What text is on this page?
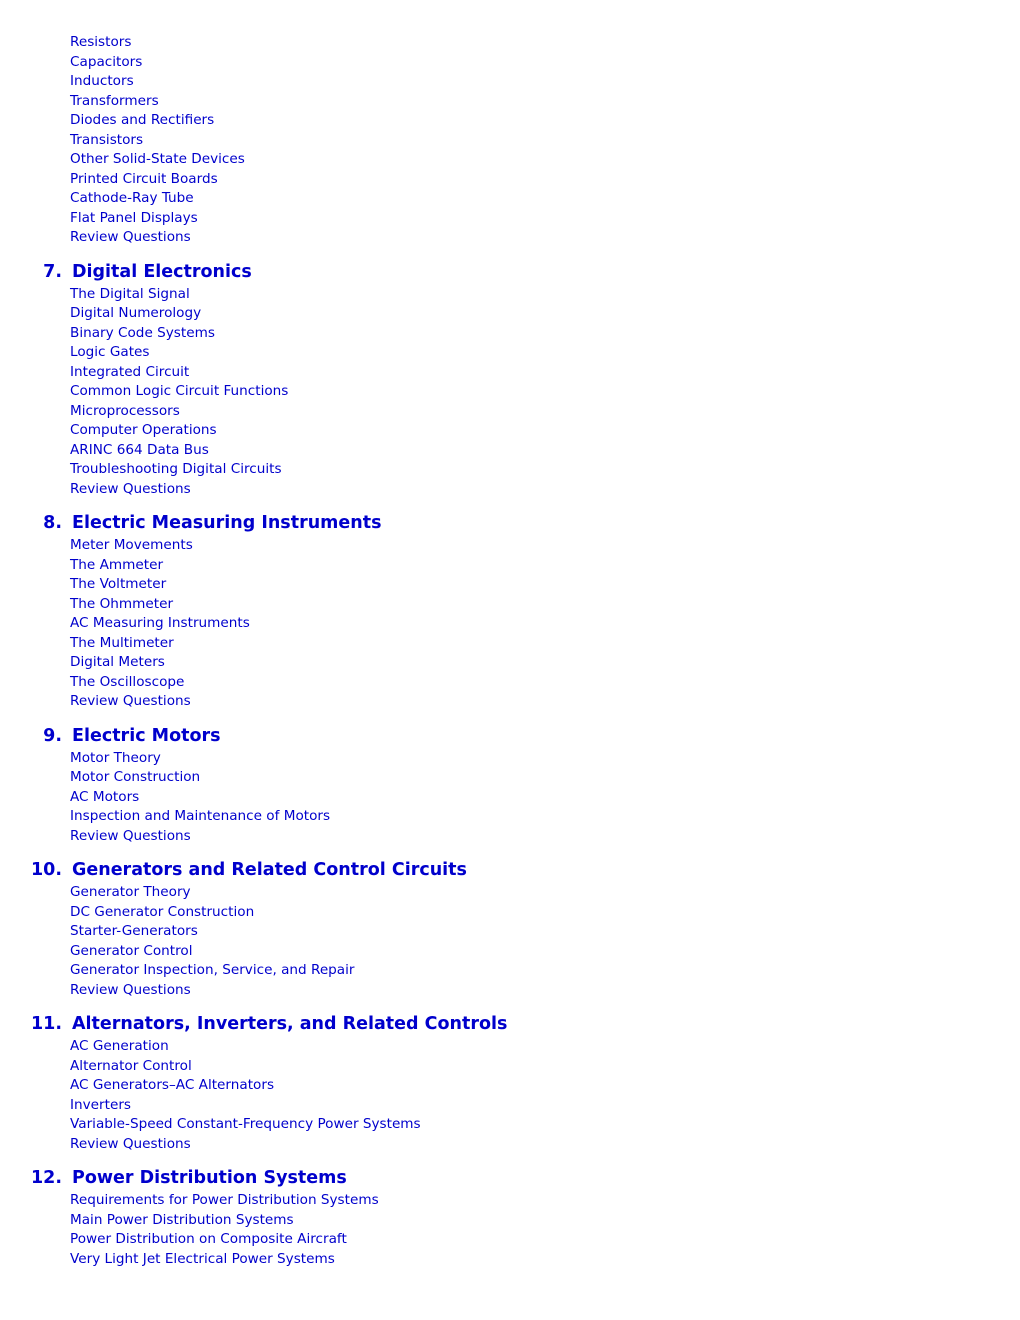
Resistors
Capacitors
Inductors
Transformers
Diodes and Rectifiers
Transistors
Other Solid-State Devices
Printed Circuit Boards
Cathode-Ray Tube
Flat Panel Displays
Review Questions
7. Digital Electronics
The Digital Signal
Digital Numerology
Binary Code Systems
Logic Gates
Integrated Circuit
Common Logic Circuit Functions
Microprocessors
Computer Operations
ARINC 664 Data Bus
Troubleshooting Digital Circuits
Review Questions
8. Electric Measuring Instruments
Meter Movements
The Ammeter
The Voltmeter
The Ohmmeter
AC Measuring Instruments
The Multimeter
Digital Meters
The Oscilloscope
Review Questions
9. Electric Motors
Motor Theory
Motor Construction
AC Motors
Inspection and Maintenance of Motors
Review Questions
10. Generators and Related Control Circuits
Generator Theory
DC Generator Construction
Starter-Generators
Generator Control
Generator Inspection, Service, and Repair
Review Questions
11. Alternators, Inverters, and Related Controls
AC Generation
Alternator Control
AC Generators–AC Alternators
Inverters
Variable-Speed Constant-Frequency Power Systems
Review Questions
12. Power Distribution Systems
Requirements for Power Distribution Systems
Main Power Distribution Systems
Power Distribution on Composite Aircraft
Very Light Jet Electrical Power Systems
